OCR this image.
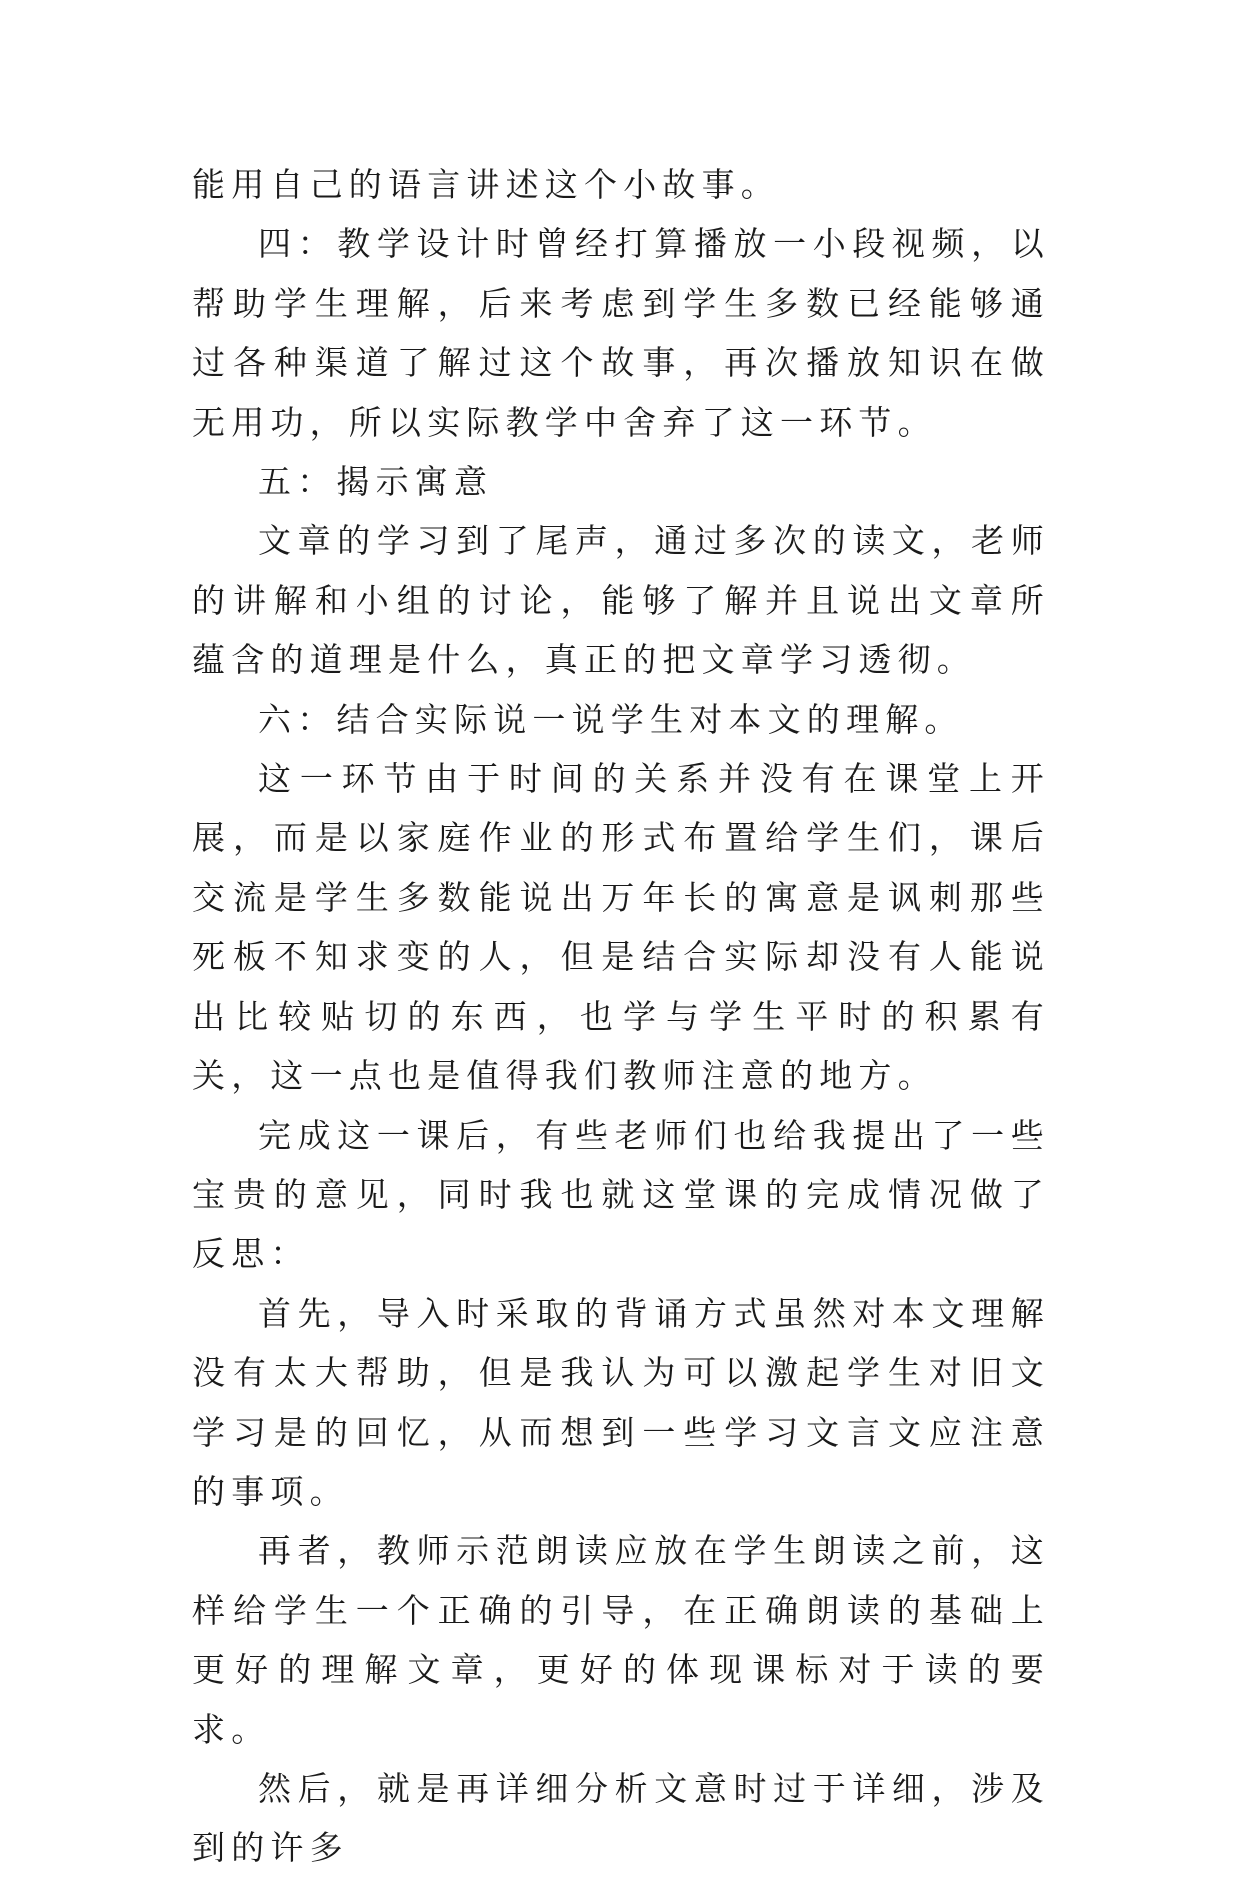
能用自己的语言讲述这个小故事。

四：教学设计时曾经打算播放一小段视频，以帮助学生理解，后来考虑到学生多数已经能够通过各种渠道了解过这个故事，再次播放知识在做无用功，所以实际教学中舍弃了这一环节。

五：揭示寓意

文章的学习到了尾声，通过多次的读文，老师的讲解和小组的讨论，能够了解并且说出文章所蕴含的道理是什么，真正的把文章学习透彻。

六：结合实际说一说学生对本文的理解。

这一环节由于时间的关系并没有在课堂上开展，而是以家庭作业的形式布置给学生们，课后交流是学生多数能说出万年长的寓意是讽刺那些死板不知求变的人，但是结合实际却没有人能说出比较贴切的东西，也学与学生平时的积累有关，这一点也是值得我们教师注意的地方。

完成这一课后，有些老师们也给我提出了一些宝贵的意见，同时我也就这堂课的完成情况做了反思：

首先，导入时采取的背诵方式虽然对本文理解没有太大帮助，但是我认为可以激起学生对旧文学习是的回忆，从而想到一些学习文言文应注意的事项。

再者，教师示范朗读应放在学生朗读之前，这样给学生一个正确的引导，在正确朗读的基础上更好的理解文章，更好的体现课标对于读的要求。

然后，就是再详细分析文意时过于详细，涉及到的许多
